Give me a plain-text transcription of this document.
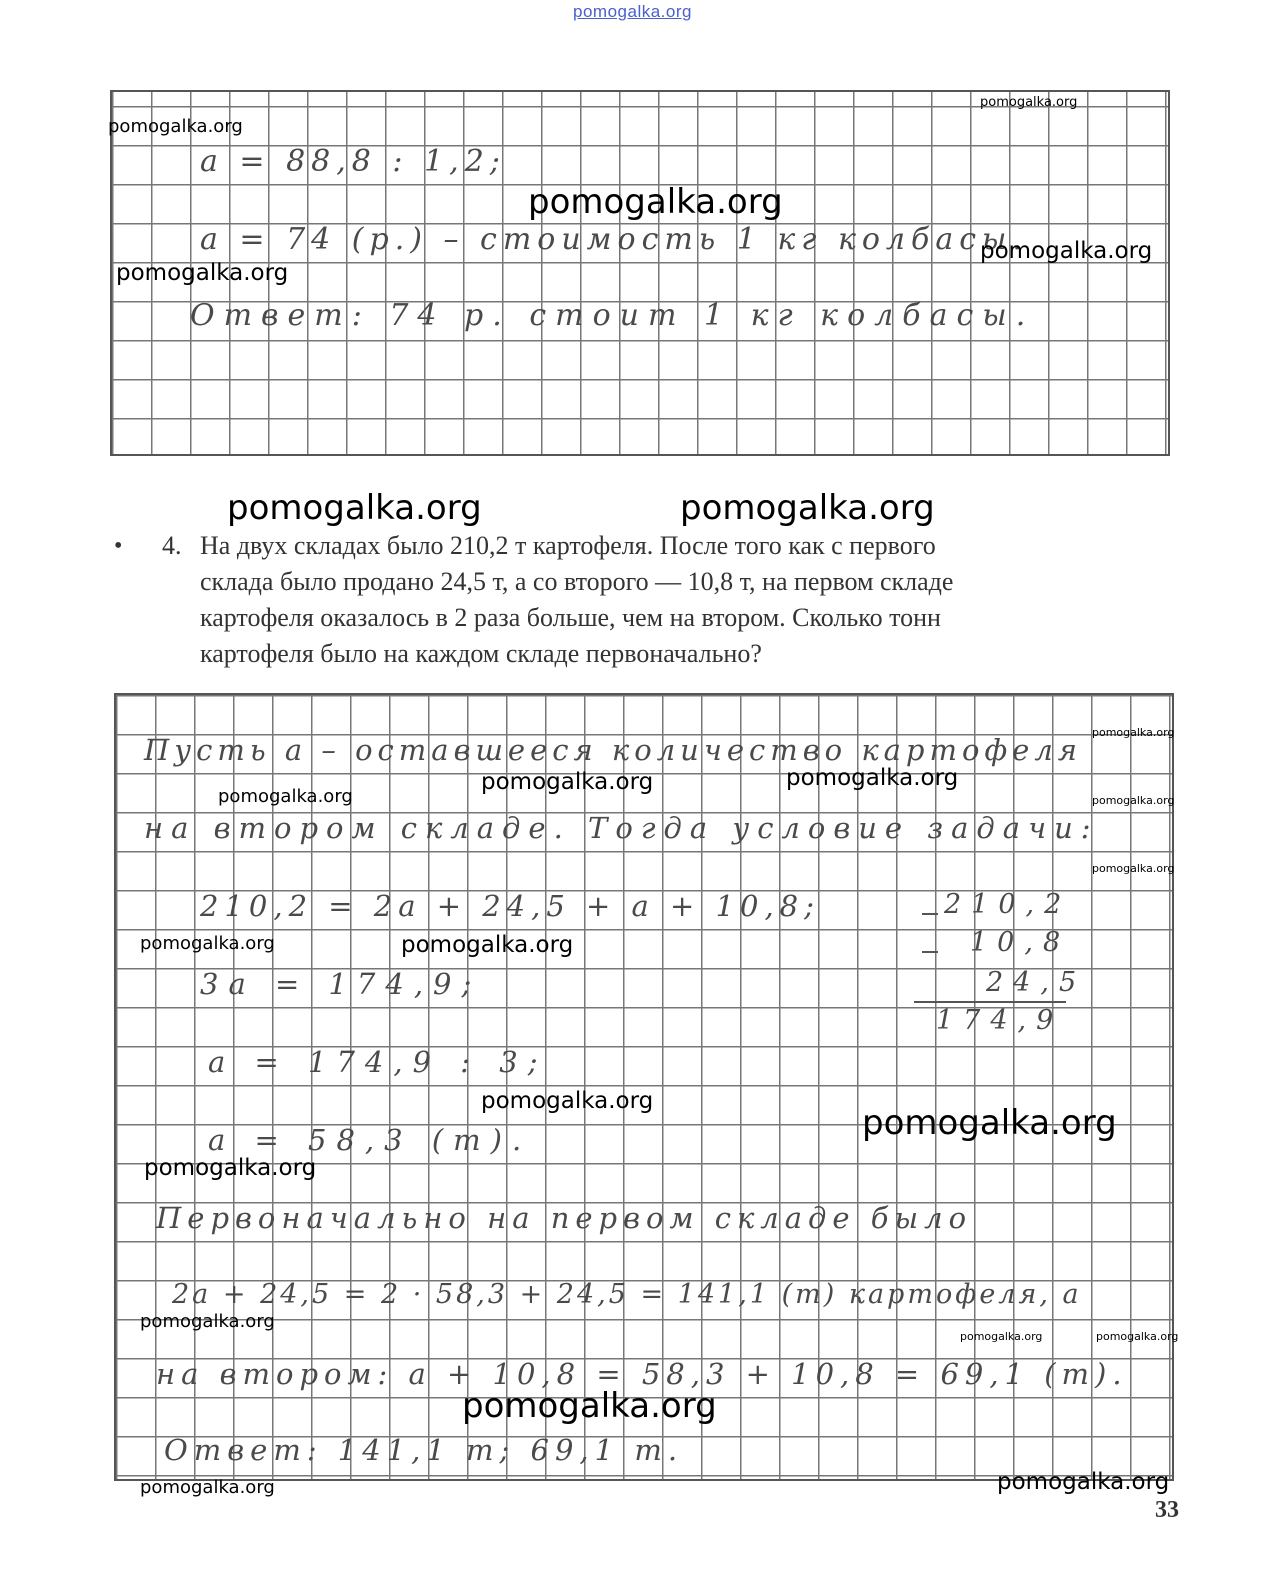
pomogalka.org
a = 88,8 : 1,2;
a = 74 (р.) – стоимость 1 кг колбасы.
Ответ: 74 р. стоит 1 кг колбасы.
• 4. На двух складах было 210,2 т картофеля. После того как с первого
склада было продано 24,5 т, а со второго — 10,8 т, на первом складе
картофеля оказалось в 2 раза больше, чем на втором. Сколько тонн
картофеля было на каждом складе первоначально?
Пусть a – оставшееся количество картофеля
на втором складе. Тогда условие задачи:
210,2 = 2a + 24,5 + a + 10,8;
3a = 174,9;
a = 174,9 : 3;
a = 58,3 (т).
Первоначально на первом складе было
2a + 24,5 = 2 · 58,3 + 24,5 = 141,1 (т) картофеля, а
на втором: a + 10,8 = 58,3 + 10,8 = 69,1 (т).
Ответ: 141,1 т; 69,1 т.
210,2
10,8
24,5
174,9
pomogalka.org
pomogalka.org
pomogalka.org
pomogalka.org
pomogalka.org
pomogalka.org	pomogalka.org
pomogalka.org
pomogalka.org	pomogalka.org
pomogalka.org	pomogalka.org
pomogalka.org
pomogalka.org	pomogalka.org
pomogalka.org
pomogalka.org
pomogalka.org
pomogalka.org
pomogalka.org	pomogalka.org
pomogalka.org
pomogalka.org	pomogalka.org
33
